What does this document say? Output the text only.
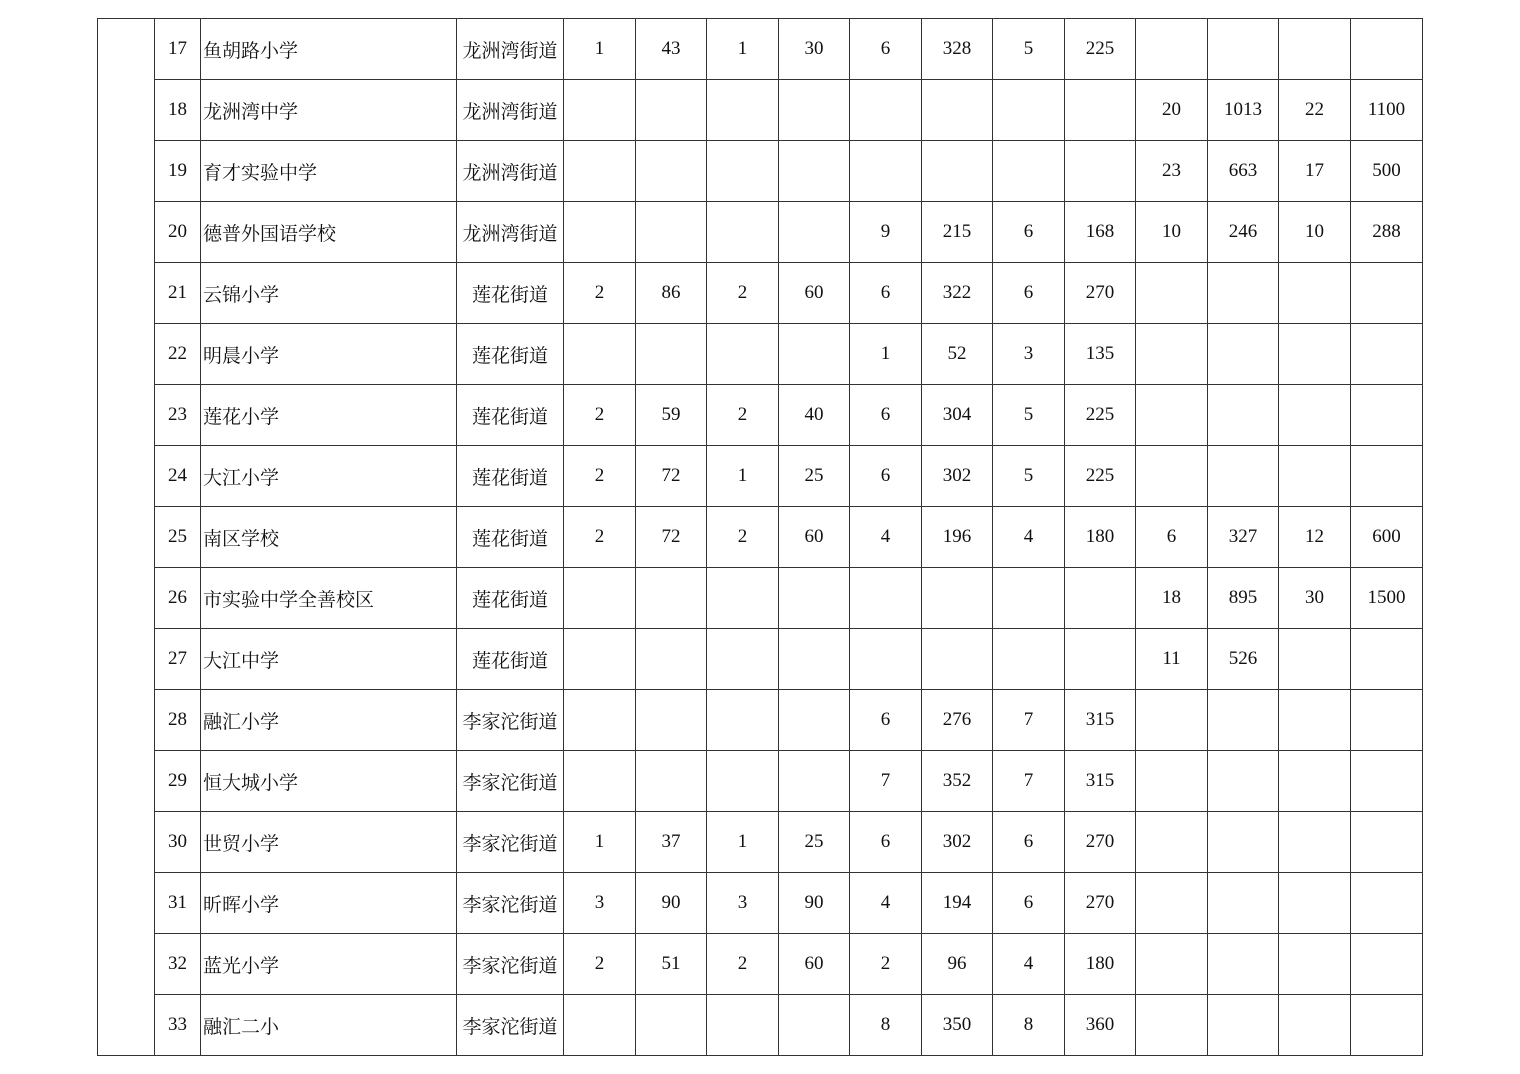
	17	鱼胡路小学	龙洲湾街道	1	43	1	30	6	328	5	225				
	18	龙洲湾中学	龙洲湾街道									20	1013	22	1100
	19	育才实验中学	龙洲湾街道									23	663	17	500
	20	德普外国语学校	龙洲湾街道					9	215	6	168	10	246	10	288
	21	云锦小学	莲花街道	2	86	2	60	6	322	6	270				
	22	明晨小学	莲花街道					1	52	3	135				
	23	莲花小学	莲花街道	2	59	2	40	6	304	5	225				
	24	大江小学	莲花街道	2	72	1	25	6	302	5	225				
	25	南区学校	莲花街道	2	72	2	60	4	196	4	180	6	327	12	600
	26	市实验中学全善校区	莲花街道									18	895	30	1500
	27	大江中学	莲花街道									11	526		
	28	融汇小学	李家沱街道					6	276	7	315				
	29	恒大城小学	李家沱街道					7	352	7	315				
	30	世贸小学	李家沱街道	1	37	1	25	6	302	6	270				
	31	昕晖小学	李家沱街道	3	90	3	90	4	194	6	270				
	32	蓝光小学	李家沱街道	2	51	2	60	2	96	4	180				
	33	融汇二小	李家沱街道					8	350	8	360				
